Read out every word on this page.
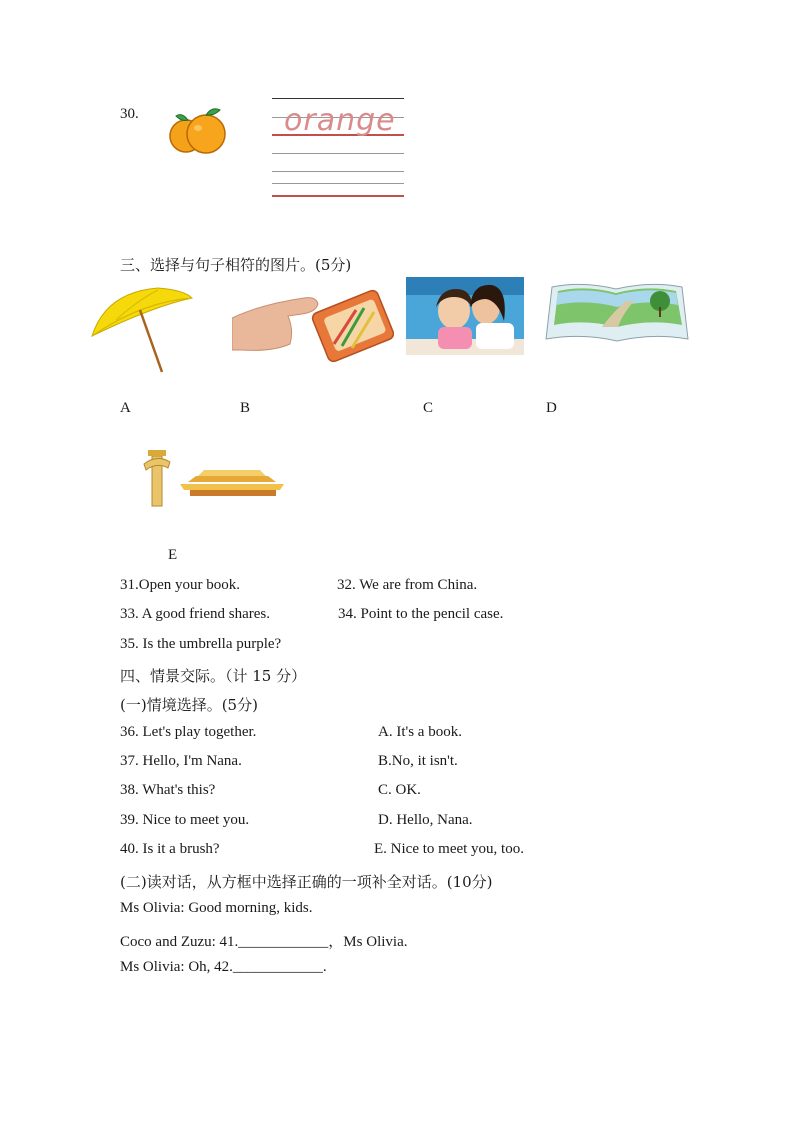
30.	orange
三、选择与句子相符的图片。(5分)
A	B	C	D
E
31.Open your book.	32. We are from China.
33. A good friend shares.	34. Point to the pencil case.
35. Is the umbrella purple?
四、情景交际。（计 15 分）
(一)情境选择。(5分)
36. Let's play together.	A. It's a book.
37. Hello, I'm Nana.	B.No, it isn't.
38. What's this?	C. OK.
39. Nice to meet you.	D. Hello, Nana.
40. Is it a brush?	E. Nice to meet you, too.
(二)读对话，从方框中选择正确的一项补全对话。(10分)
Ms Olivia: Good morning, kids.
Coco and Zuzu: 41.____________，Ms Olivia.
Ms Olivia: Oh, 42.____________.
